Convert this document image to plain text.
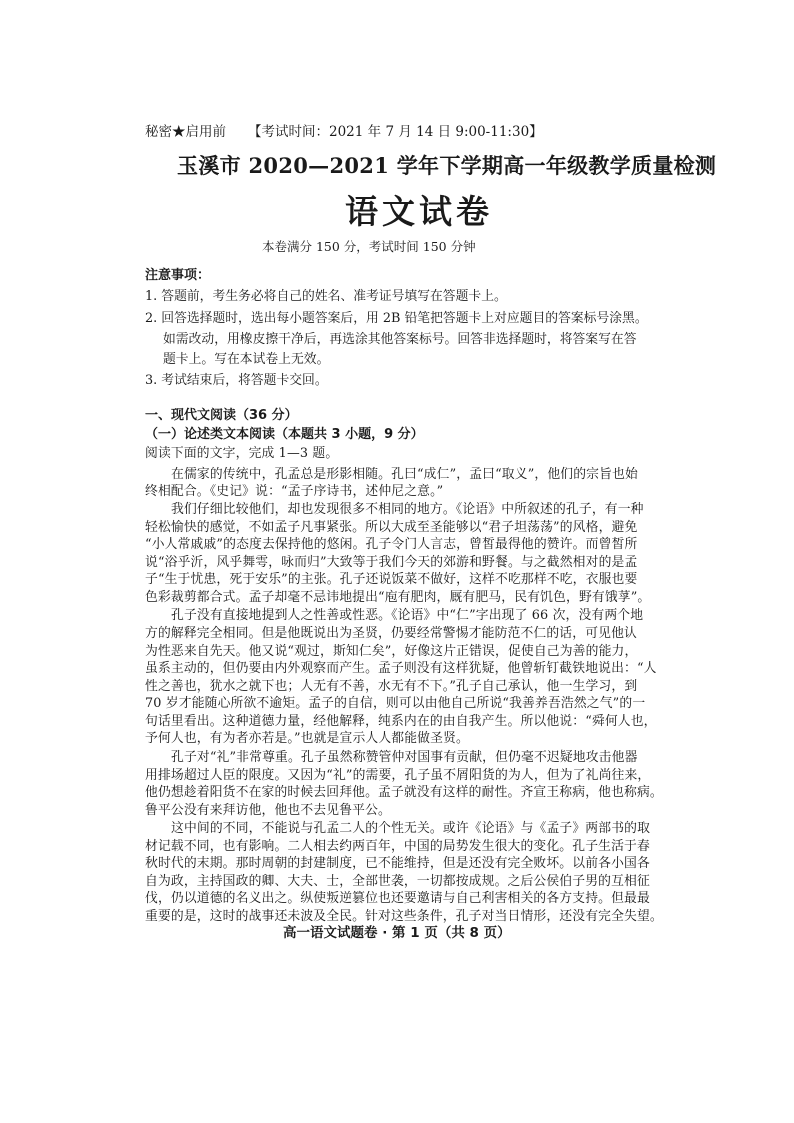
秘密★启用前 【考试时间：2021 年 7 月 14 日 9:00-11:30】
玉溪市 2020—2021 学年下学期高一年级教学质量检测
语文试卷
本卷满分 150 分，考试时间 150 分钟
注意事项：
1. 答题前，考生务必将自己的姓名、准考证号填写在答题卡上。
2. 回答选择题时，选出每小题答案后，用 2B 铅笔把答题卡上对应题目的答案标号涂黑。
如需改动，用橡皮擦干净后，再选涂其他答案标号。回答非选择题时，将答案写在答
题卡上。写在本试卷上无效。
3. 考试结束后，将答题卡交回。
一、现代文阅读（36 分）
（一）论述类文本阅读（本题共 3 小题，9 分）
阅读下面的文字，完成 1—3 题。
在儒家的传统中，孔孟总是形影相随。孔曰“成仁”，孟曰“取义”，他们的宗旨也始
终相配合。《史记》说：“孟子序诗书，述仲尼之意。”
我们仔细比较他们，却也发现很多不相同的地方。《论语》中所叙述的孔子，有一种
轻松愉快的感觉，不如孟子凡事紧张。所以大成至圣能够以“君子坦荡荡”的风格，避免
“小人常戚戚”的态度去保持他的悠闲。孔子令门人言志，曾皙最得他的赞许。而曾皙所
说“浴乎沂，风乎舞雩，咏而归”大致等于我们今天的郊游和野餐。与之截然相对的是孟
子“生于忧患，死于安乐”的主张。孔子还说饭菜不做好，这样不吃那样不吃，衣服也要
色彩裁剪都合式。孟子却毫不忌讳地提出“庖有肥肉，厩有肥马，民有饥色，野有饿莩”。
孔子没有直接地提到人之性善或性恶。《论语》中“仁”字出现了 66 次，没有两个地
方的解释完全相同。但是他既说出为圣贤，仍要经常警惕才能防范不仁的话，可见他认
为性恶来自先天。他又说“观过，斯知仁矣”，好像这片正错误，促使自己为善的能力，
虽系主动的，但仍要由内外观察而产生。孟子则没有这样犹疑，他曾斩钉截铁地说出：“人
性之善也，犹水之就下也；人无有不善，水无有不下。”孔子自己承认，他一生学习，到
70 岁才能随心所欲不逾矩。孟子的自信，则可以由他自己所说“我善养吾浩然之气”的一
句话里看出。这种道德力量，经他解释，纯系内在的由自我产生。所以他说：“舜何人也，
予何人也，有为者亦若是。”也就是宣示人人都能做圣贤。
孔子对“礼”非常尊重。孔子虽然称赞管仲对国事有贡献，但仍毫不迟疑地攻击他器
用排场超过人臣的限度。又因为“礼”的需要，孔子虽不屑阳货的为人，但为了礼尚往来，
他仍想趁着阳货不在家的时候去回拜他。孟子就没有这样的耐性。齐宣王称病，他也称病。
鲁平公没有来拜访他，他也不去见鲁平公。
这中间的不同，不能说与孔孟二人的个性无关。或许《论语》与《孟子》两部书的取
材记载不同，也有影响。二人相去约两百年，中国的局势发生很大的变化。孔子生活于春
秋时代的末期。那时周朝的封建制度，已不能维持，但是还没有完全败坏。以前各小国各
自为政，主持国政的卿、大夫、士，全部世袭，一切都按成规。之后公侯伯子男的互相征
伐，仍以道德的名义出之。纵使叛逆篡位也还要邀请与自己利害相关的各方支持。但最最
重要的是，这时的战事还未波及全民。针对这些条件，孔子对当日情形，还没有完全失望。
高一语文试题卷 · 第 1 页（共 8 页）
